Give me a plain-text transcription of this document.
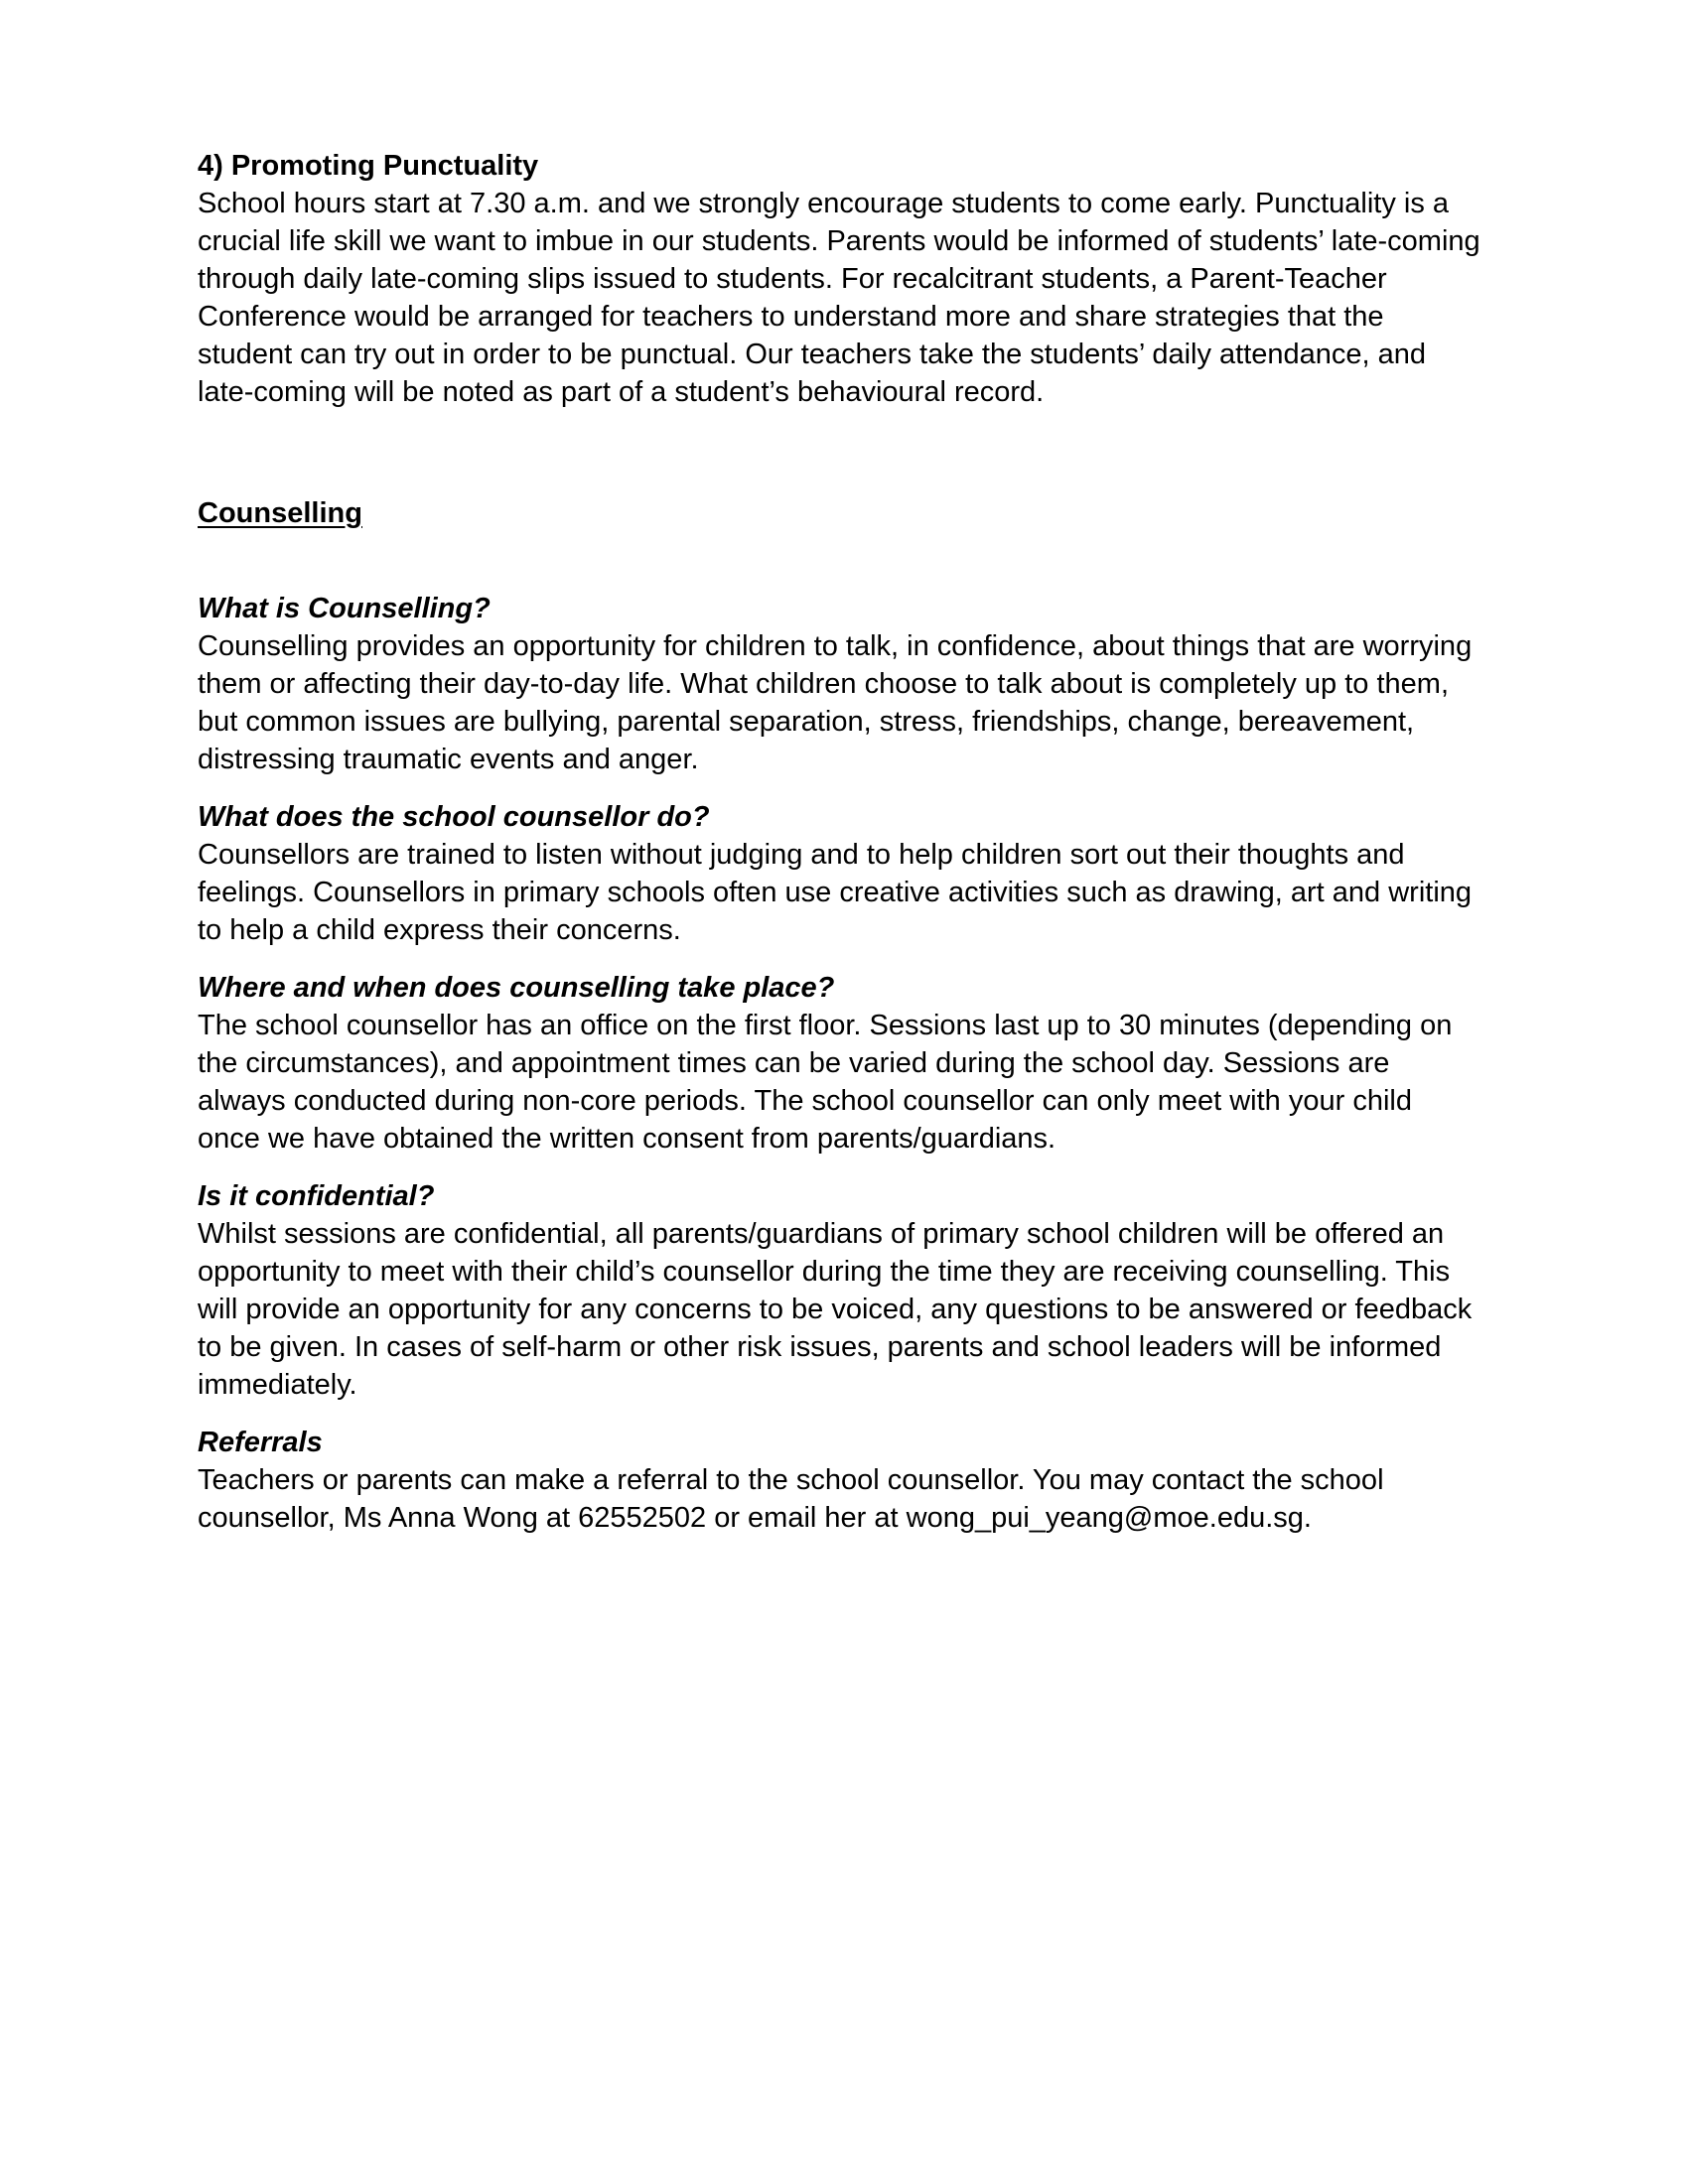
4) Promoting Punctuality

School hours start at 7.30 a.m. and we strongly encourage students to come early. Punctuality is a
crucial life skill we want to imbue in our students. Parents would be informed of students’ late-coming
through daily late-coming slips issued to students. For recalcitrant students, a Parent-Teacher
Conference would be arranged for teachers to understand more and share strategies that the
student can try out in order to be punctual. Our teachers take the students’ daily attendance, and
late-coming will be noted as part of a student’s behavioural record.

Counselling

What is Counselling?

Counselling provides an opportunity for children to talk, in confidence, about things that are worrying
them or affecting their day-to-day life. What children choose to talk about is completely up to them,
but common issues are bullying, parental separation, stress, friendships, change, bereavement,
distressing traumatic events and anger.

What does the school counsellor do?

Counsellors are trained to listen without judging and to help children sort out their thoughts and
feelings. Counsellors in primary schools often use creative activities such as drawing, art and writing
to help a child express their concerns.

Where and when does counselling take place?

The school counsellor has an office on the first floor. Sessions last up to 30 minutes (depending on
the circumstances), and appointment times can be varied during the school day. Sessions are
always conducted during non-core periods. The school counsellor can only meet with your child
once we have obtained the written consent from parents/guardians.

Is it confidential?

Whilst sessions are confidential, all parents/guardians of primary school children will be offered an
opportunity to meet with their child’s counsellor during the time they are receiving counselling. This
will provide an opportunity for any concerns to be voiced, any questions to be answered or feedback
to be given. In cases of self-harm or other risk issues, parents and school leaders will be informed
immediately.

Referrals

Teachers or parents can make a referral to the school counsellor. You may contact the school
counsellor, Ms Anna Wong at 62552502 or email her at wong_pui_yeang@moe.edu.sg.
